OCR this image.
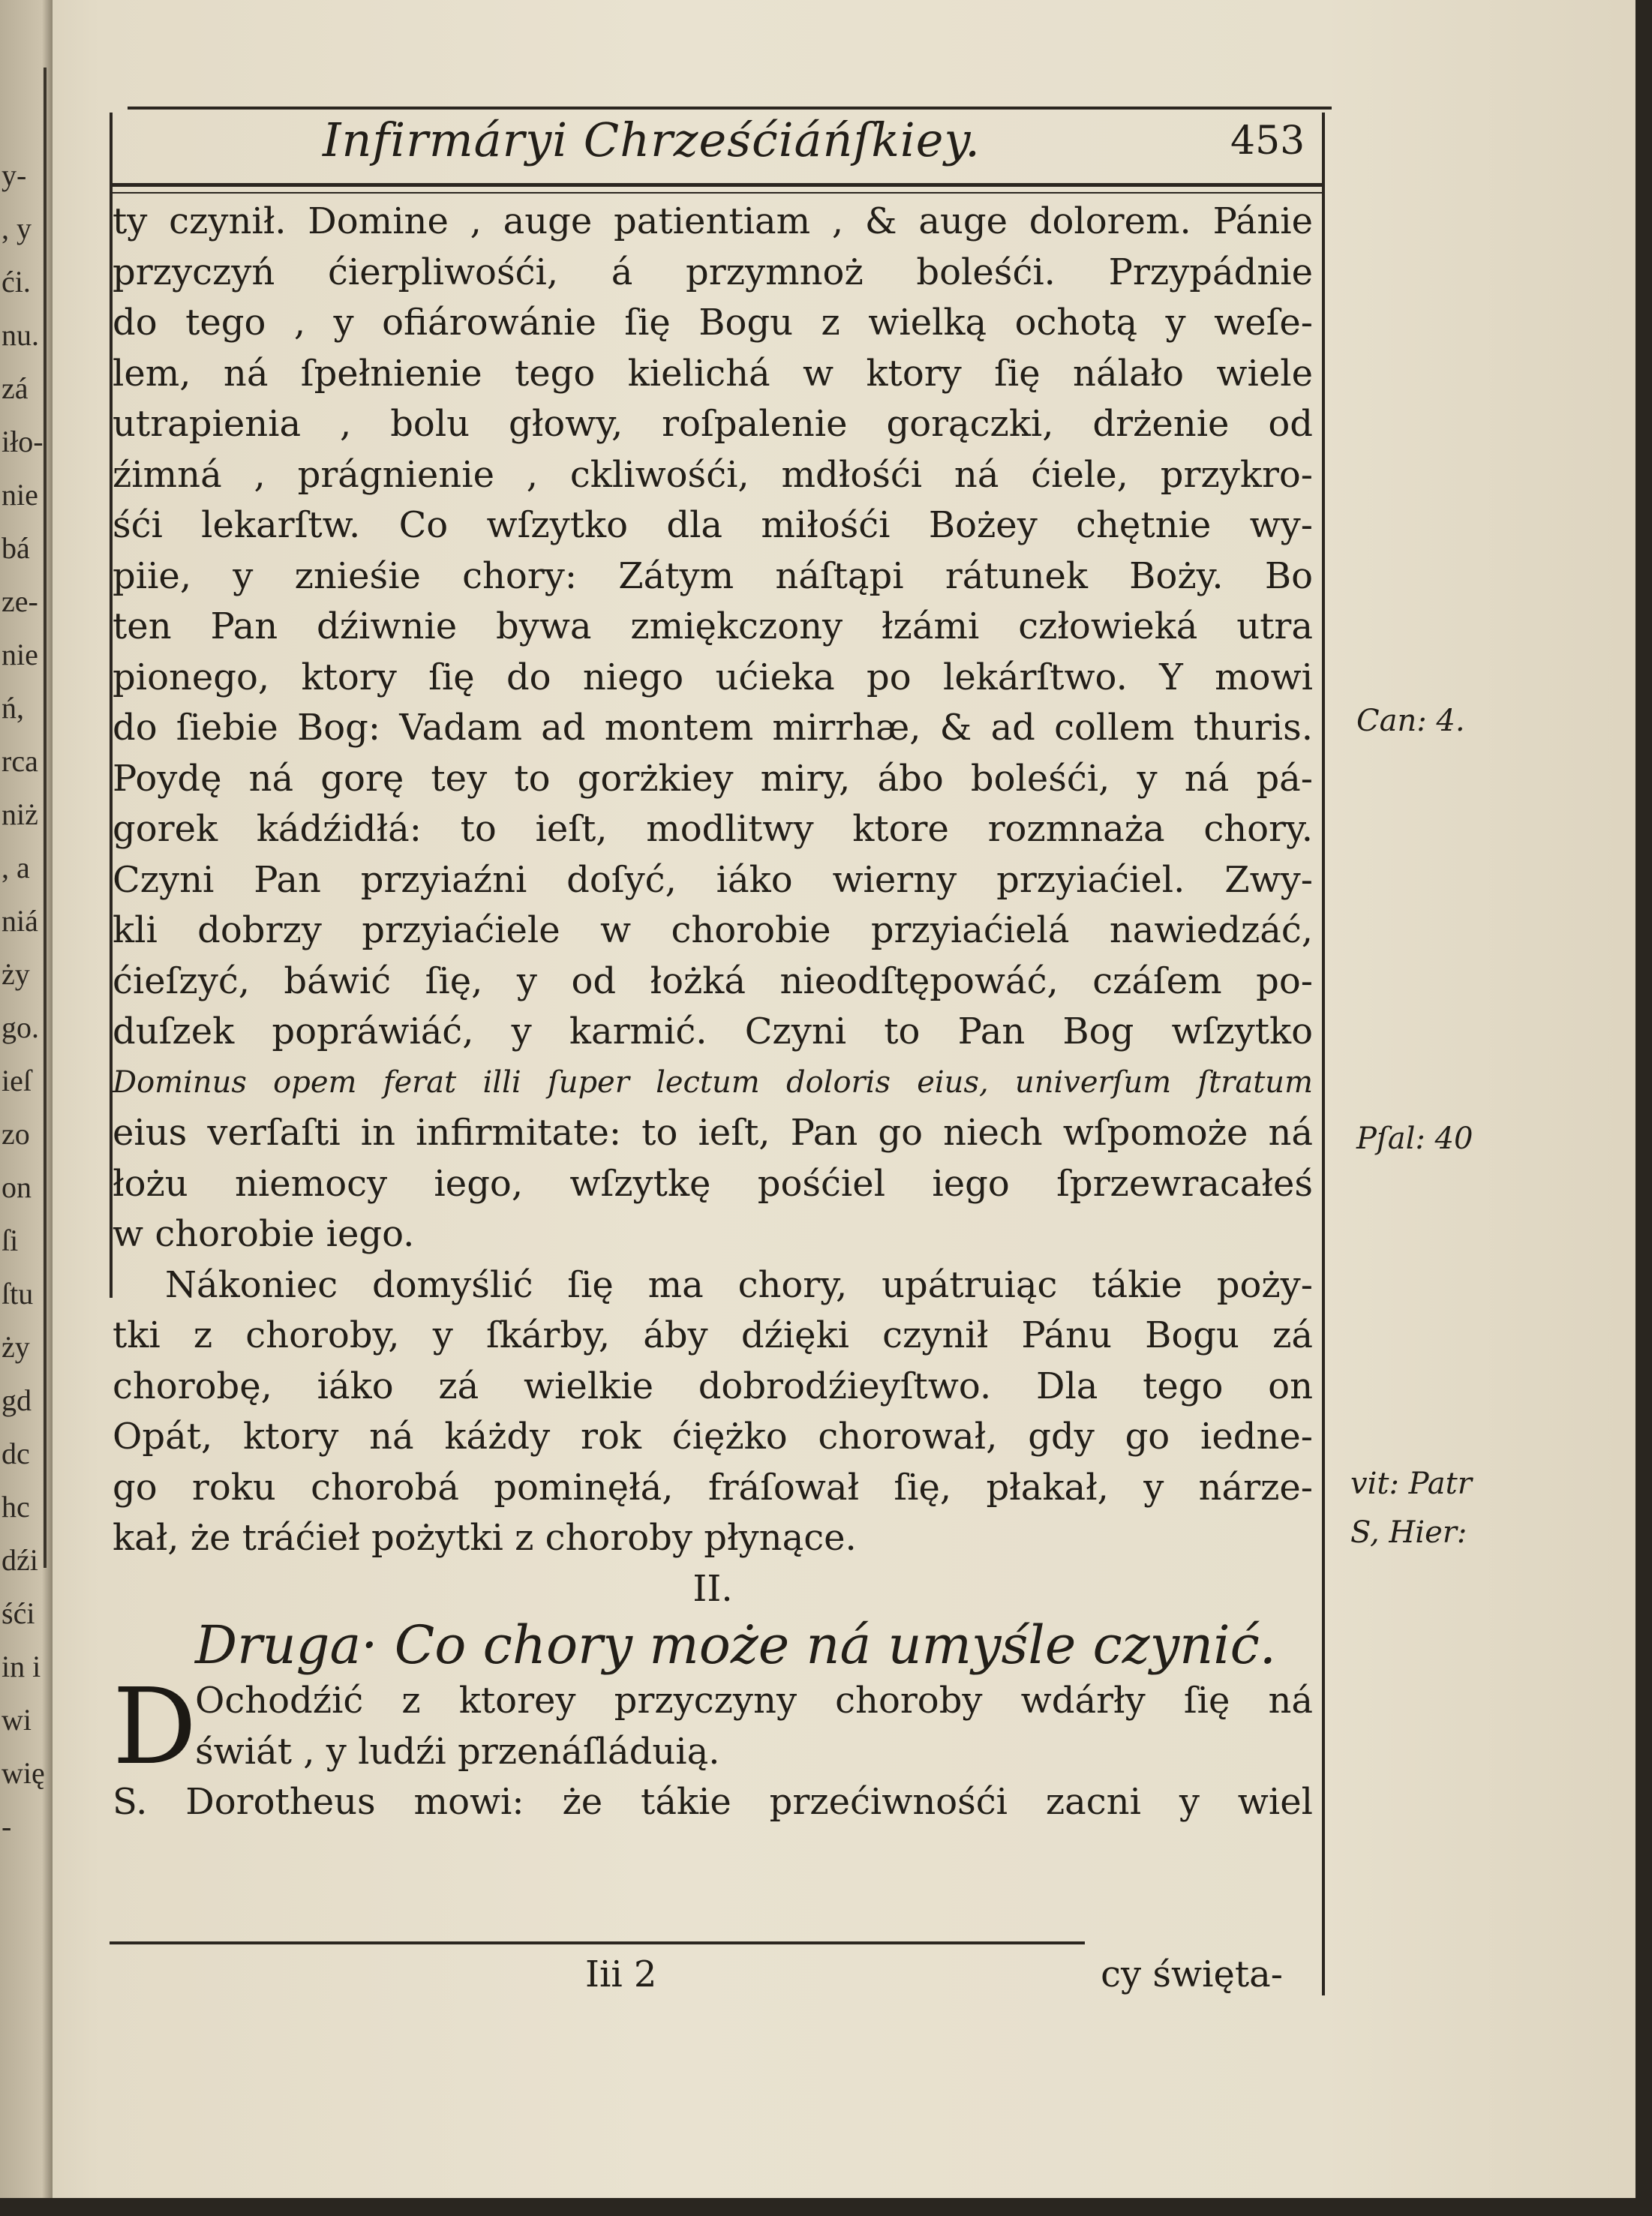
y-
, y
ći.
nu.
zá
iło-
nie
bá
ze-
nie
ń,
rca
niż
, a
niá
ży
go.
ieſ
zo
on
ſi
ſtu
ży
gd
dc
hc
dźi
śći
in i
wi
wię
-
Infirmáryi Chrześćiáńſkiey.	453
ty czynił. Domine , auge patientiam , & auge dolorem. Pánie
przyczyń ćierpliwośći, á przymnoż boleśći. Przypádnie
do tego , y ofiárowánie ſię Bogu z wielką ochotą y weſe-
lem, ná ſpełnienie tego kielichá w ktory ſię nálało wiele
utrapienia , bolu głowy, roſpalenie gorączki, drżenie od
źimná , prágnienie , ckliwośći, mdłośći ná ćiele, przykro-
śći lekarſtw. Co wſzytko dla miłośći Bożey chętnie wy-
piie, y znieśie chory: Zátym náſtąpi rátunek Boży. Bo
ten Pan dźiwnie bywa zmiękczony łzámi człowieká utra
pionego, ktory ſię do niego ućieka po lekárſtwo. Y mowi
do ſiebie Bog: Vadam ad montem mirrhæ, & ad collem thuris.
Poydę ná gorę tey to gorżkiey miry, ábo boleśći, y ná pá-
gorek kádźidłá: to ieſt, modlitwy ktore rozmnaża chory.
Czyni Pan przyiaźni doſyć, iáko wierny przyiaćiel. Zwy-
kli dobrzy przyiaćiele w chorobie przyiaćielá nawiedzáć,
ćieſzyć, báwić ſię, y od łożká nieodſtępowáć, czáſem po-
duſzek popráwiáć, y karmić. Czyni to Pan Bog wſzytko
Dominus opem ferat illi ſuper lectum doloris eius, univerſum ſtratum
eius verſaſti in infirmitate: to ieſt, Pan go niech wſpomoże ná
łożu niemocy iego, wſzytkę pośćiel iego ſprzewracałeś
w chorobie iego.
Nákoniec domyślić ſię ma chory, upátruiąc tákie poży-
tki z choroby, y ſkárby, áby dźięki czynił Pánu Bogu zá
chorobę, iáko zá wielkie dobrodźieyſtwo. Dla tego on
Opát, ktory ná káżdy rok ćiężko chorował, gdy go iedne-
go roku chorobá pominęłá, fráſował ſię, płakał, y nárze-
kał, że tráćieł pożytki z choroby płynące.
II.
Druga· Co chory może ná umyśle czynić.
D
Ochodźić z ktorey przyczyny choroby wdárły ſię ná
świát , y ludźi przenáſláduią.
S. Dorotheus mowi: że tákie przećiwnośći zacni y wiel
Iii 2	cy święta-
Can: 4.
Pſal: 40
vit: Patr
S, Hier:
